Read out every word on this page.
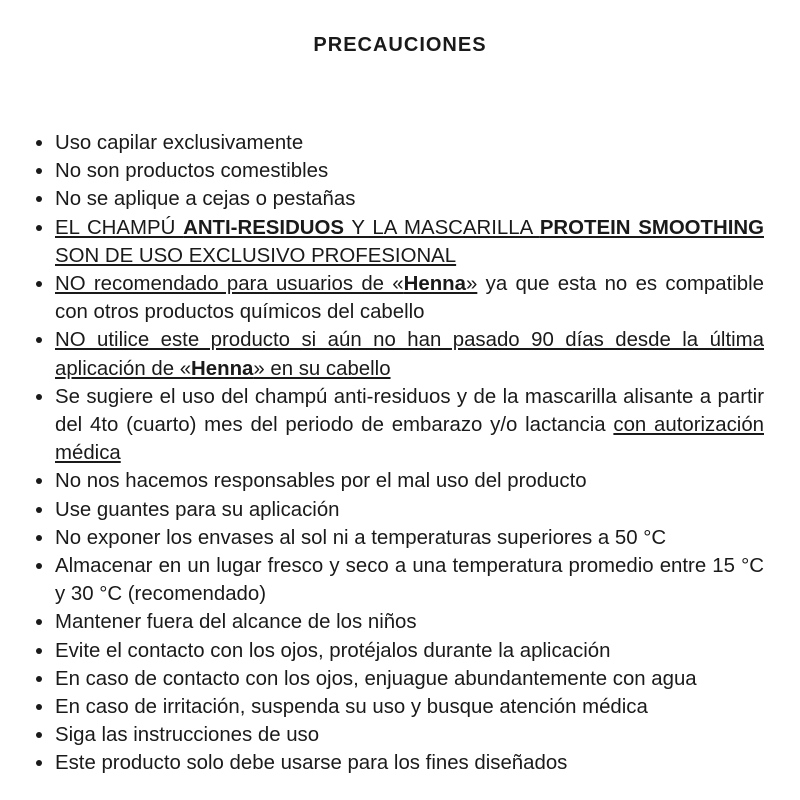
PRECAUCIONES
Uso capilar exclusivamente
No son productos comestibles
No se aplique a cejas o pestañas
EL CHAMPÚ ANTI-RESIDUOS Y LA MASCARILLA PROTEIN SMOOTHING SON DE USO EXCLUSIVO PROFESIONAL
NO recomendado para usuarios de «Henna» ya que esta no es compatible con otros productos químicos del cabello
NO utilice este producto si aún no han pasado 90 días desde la última aplicación de «Henna» en su cabello
Se sugiere el uso del champú anti-residuos y de la mascarilla alisante a partir del 4to (cuarto) mes del periodo de embarazo y/o lactancia con autorización médica
No nos hacemos responsables por el mal uso del producto
Use guantes para su aplicación
No exponer los envases al sol ni a temperaturas superiores a 50 °C
Almacenar en un lugar fresco y seco a una temperatura promedio entre 15 °C y 30 °C (recomendado)
Mantener fuera del alcance de los niños
Evite el contacto con los ojos, protéjalos durante la aplicación
En caso de contacto con los ojos, enjuague abundantemente con agua
En caso de irritación, suspenda su uso y busque atención médica
Siga las instrucciones de uso
Este producto solo debe usarse para los fines diseñados
